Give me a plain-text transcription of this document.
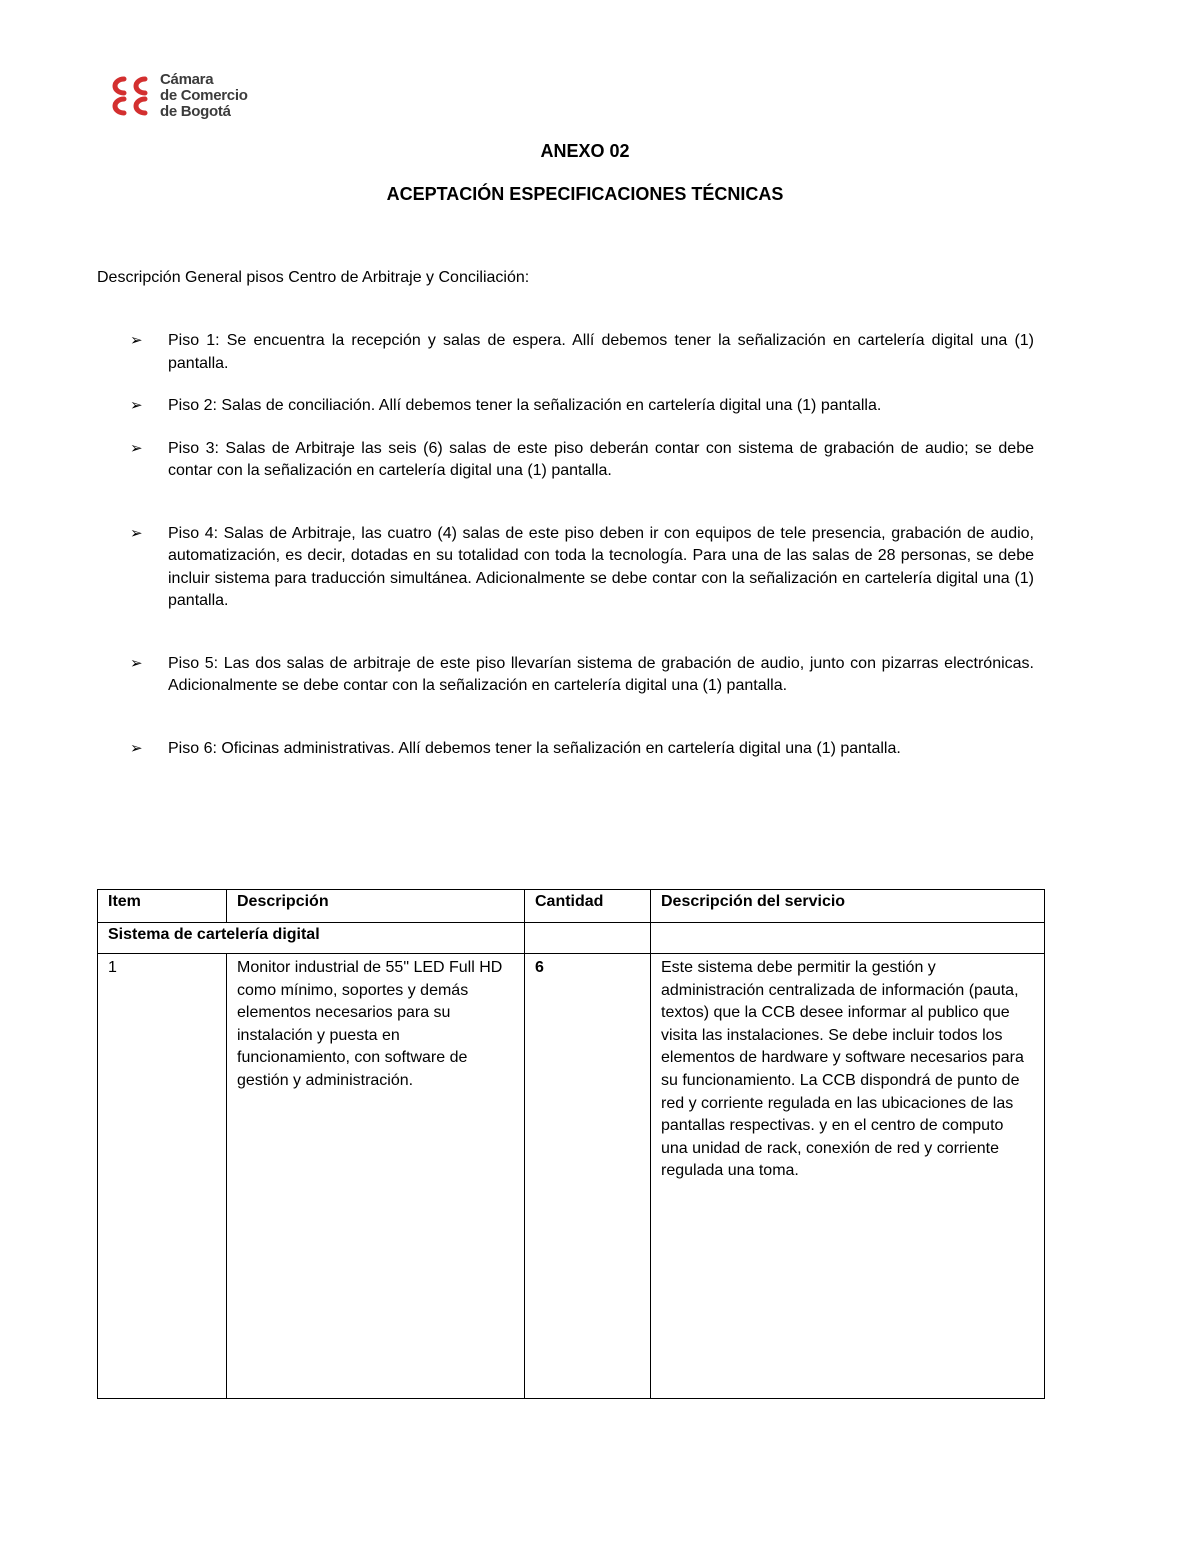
Cámara
de Comercio
de Bogotá
ANEXO 02
ACEPTACIÓN ESPECIFICACIONES TÉCNICAS
Descripción General pisos Centro de Arbitraje y Conciliación:
➢ Piso 1: Se encuentra la recepción y salas de espera. Allí debemos tener la señalización en cartelería digital una (1) pantalla.
➢ Piso 2: Salas de conciliación. Allí debemos tener la señalización en cartelería digital una (1) pantalla.
➢ Piso 3: Salas de Arbitraje las seis (6) salas de este piso deberán contar con sistema de grabación de audio; se debe contar con la señalización en cartelería digital una (1) pantalla.
➢ Piso 4: Salas de Arbitraje, las cuatro (4) salas de este piso deben ir con equipos de tele presencia, grabación de audio, automatización, es decir, dotadas en su totalidad con toda la tecnología. Para una de las salas de 28 personas, se debe incluir sistema para traducción simultánea. Adicionalmente se debe contar con la señalización en cartelería digital una (1) pantalla.
➢ Piso 5: Las dos salas de arbitraje de este piso llevarían sistema de grabación de audio, junto con pizarras electrónicas. Adicionalmente se debe contar con la señalización en cartelería digital una (1) pantalla.
➢ Piso 6: Oficinas administrativas. Allí debemos tener la señalización en cartelería digital una (1) pantalla.
Item	Descripción	Cantidad	Descripción del servicio
Sistema de cartelería digital			
1	Monitor industrial de 55" LED Full HD como mínimo, soportes y demás elementos necesarios para su instalación y puesta en funcionamiento, con software de gestión y administración.	6	Este sistema debe permitir la gestión y administración centralizada de información (pauta, textos) que la CCB desee informar al publico que visita las instalaciones. Se debe incluir todos los elementos de hardware y software necesarios para su funcionamiento. La CCB dispondrá de punto de red y corriente regulada en las ubicaciones de las pantallas respectivas. y en el centro de computo una unidad de rack, conexión de red y corriente regulada una toma.
